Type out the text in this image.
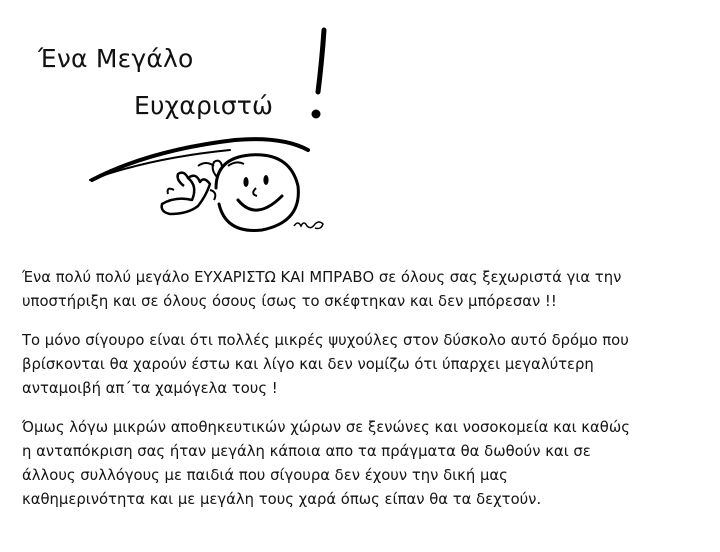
Ένα Μεγάλο
Ευχαριστώ

Ένα πολύ πολύ μεγάλο ΕΥΧΑΡΙΣΤΩ ΚΑΙ ΜΠΡΑΒΟ σε όλους σας ξεχωριστά για την
υποστήριξη και σε όλους όσους ίσως το σκέφτηκαν και δεν μπόρεσαν !!

Το μόνο σίγουρο είναι ότι πολλές μικρές ψυχούλες στον δύσκολο αυτό δρόμο που
βρίσκονται θα χαρούν έστω και λίγο και δεν νομίζω ότι ύπαρχει μεγαλύτερη
ανταμοιβή απ΄τα χαμόγελα τους !

Όμως λόγω μικρών αποθηκευτικών χώρων σε ξενώνες και νοσοκομεία και καθώς
η ανταπόκριση σας ήταν μεγάλη κάποια απο τα πράγματα θα δωθούν και σε
άλλους συλλόγους με παιδιά που σίγουρα δεν έχουν την δική μας
καθημερινότητα και με μεγάλη τους χαρά όπως είπαν θα τα δεχτούν.
